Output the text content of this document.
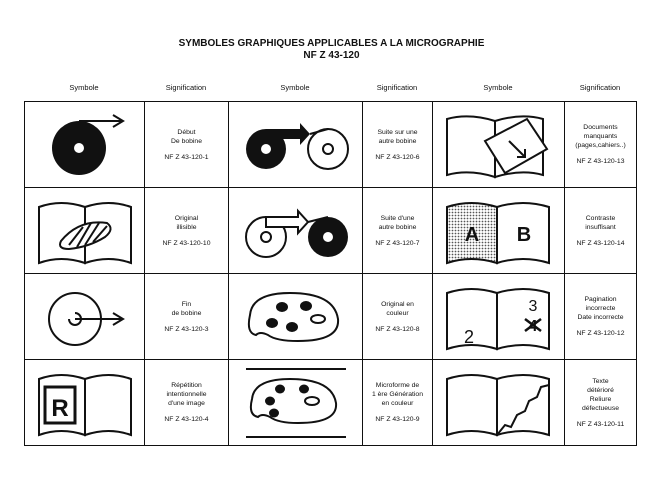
SYMBOLES GRAPHIQUES APPLICABLES A LA MICROGRAPHIE
NF Z 43-120
Symbole	Signification	Symbole	Signification	Symbole	Signification

Début
De bobine
NF Z 43-120-1		Suite sur une
autre bobine
NF Z 43-120-6		Documents
manquants
(pages,cahiers..)
NF Z 43-120-13

Original
illisible
NF Z 43-120-10		Suite d'une
autre bobine
NF Z 43-120-7	A B	Contraste
insuffisant
NF Z 43-120-14

Fin
de bobine
NF Z 43-120-3		Original en
couleur
NF Z 43-120-8	2
3	Pagination
incorrecte
Date incorrecte
NF Z 43-120-12

R	Répétition
intentionnelle
d'une image
NF Z 43-120-4		Microforme de
1 ère Génération
en couleur
NF Z 43-120-9		Texte
détérioré
Reliure
défectueuse
NF Z 43-120-11
